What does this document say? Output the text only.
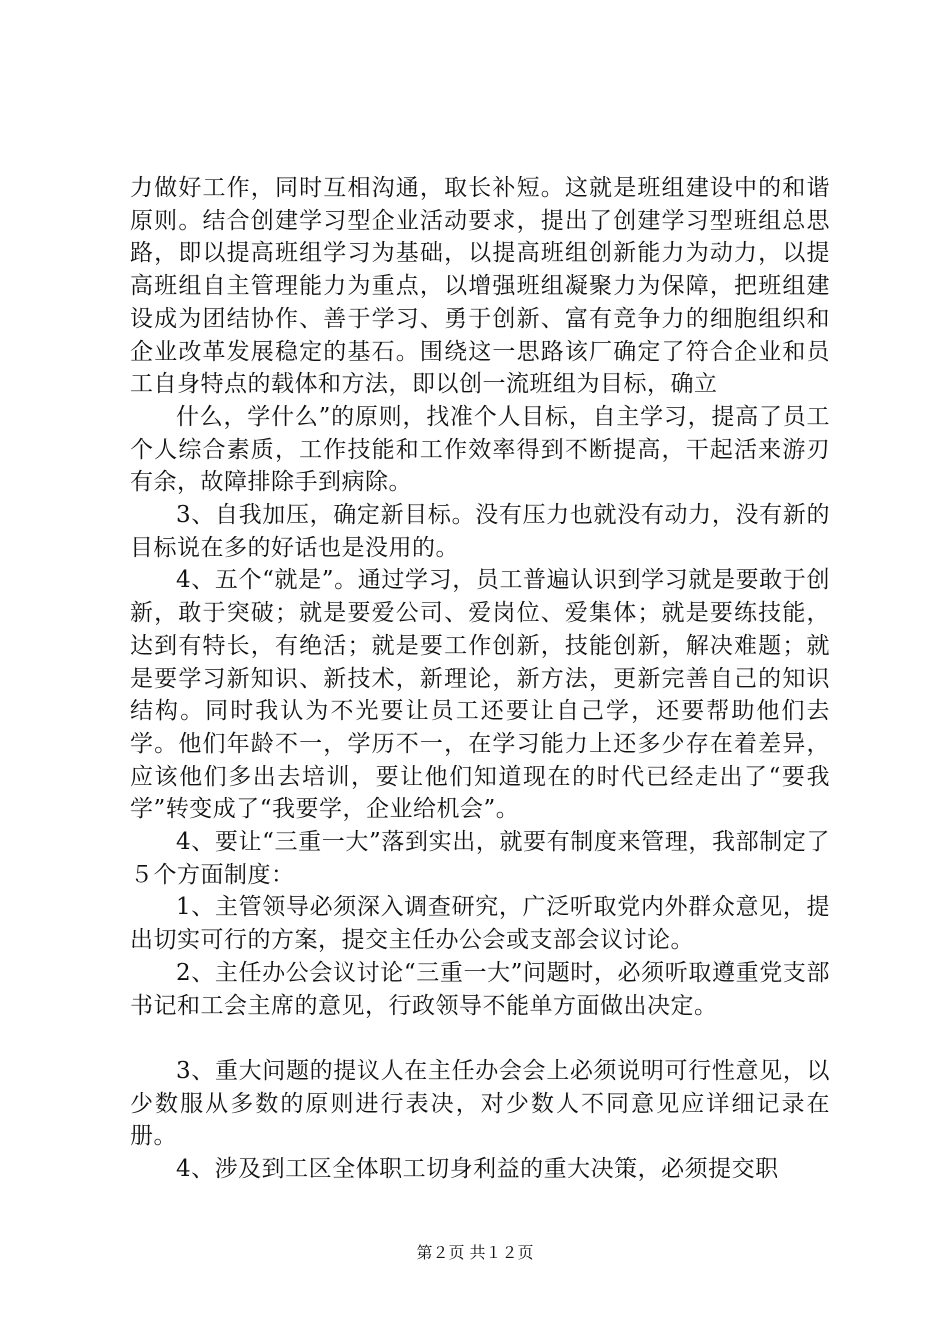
力做好工作，同时互相沟通，取长补短。这就是班组建设中的和谐原则。结合创建学习型企业活动要求，提出了创建学习型班组总思路，即以提高班组学习为基础，以提高班组创新能力为动力，以提高班组自主管理能力为重点，以增强班组凝聚力为保障，把班组建设成为团结协作、善于学习、勇于创新、富有竞争力的细胞组织和企业改革发展稳定的基石。围绕这一思路该厂确定了符合企业和员工自身特点的载体和方法，即以创一流班组为目标，确立

什么，学什么”的原则，找准个人目标，自主学习，提高了员工个人综合素质，工作技能和工作效率得到不断提高，干起活来游刃有余，故障排除手到病除。

3、自我加压，确定新目标。没有压力也就没有动力，没有新的目标说在多的好话也是没用的。

4、五个“就是”。通过学习，员工普遍认识到学习就是要敢于创新，敢于突破；就是要爱公司、爱岗位、爱集体；就是要练技能，达到有特长，有绝活；就是要工作创新，技能创新，解决难题；就是要学习新知识、新技术，新理论，新方法，更新完善自己的知识结构。同时我认为不光要让员工还要让自己学，还要帮助他们去学。他们年龄不一，学历不一，在学习能力上还多少存在着差异，应该他们多出去培训，要让他们知道现在的时代已经走出了“要我学”转变成了“我要学，企业给机会”。

4、要让“三重一大”落到实出，就要有制度来管理，我部制定了５个方面制度：

1、主管领导必须深入调查研究，广泛听取党内外群众意见，提出切实可行的方案，提交主任办公会或支部会议讨论。

2、主任办公会议讨论“三重一大”问题时，必须听取遵重党支部书记和工会主席的意见，行政领导不能单方面做出决定。

3、重大问题的提议人在主任办会会上必须说明可行性意见，以少数服从多数的原则进行表决，对少数人不同意见应详细记录在册。

4、涉及到工区全体职工切身利益的重大决策，必须提交职

第２页 共１２页
